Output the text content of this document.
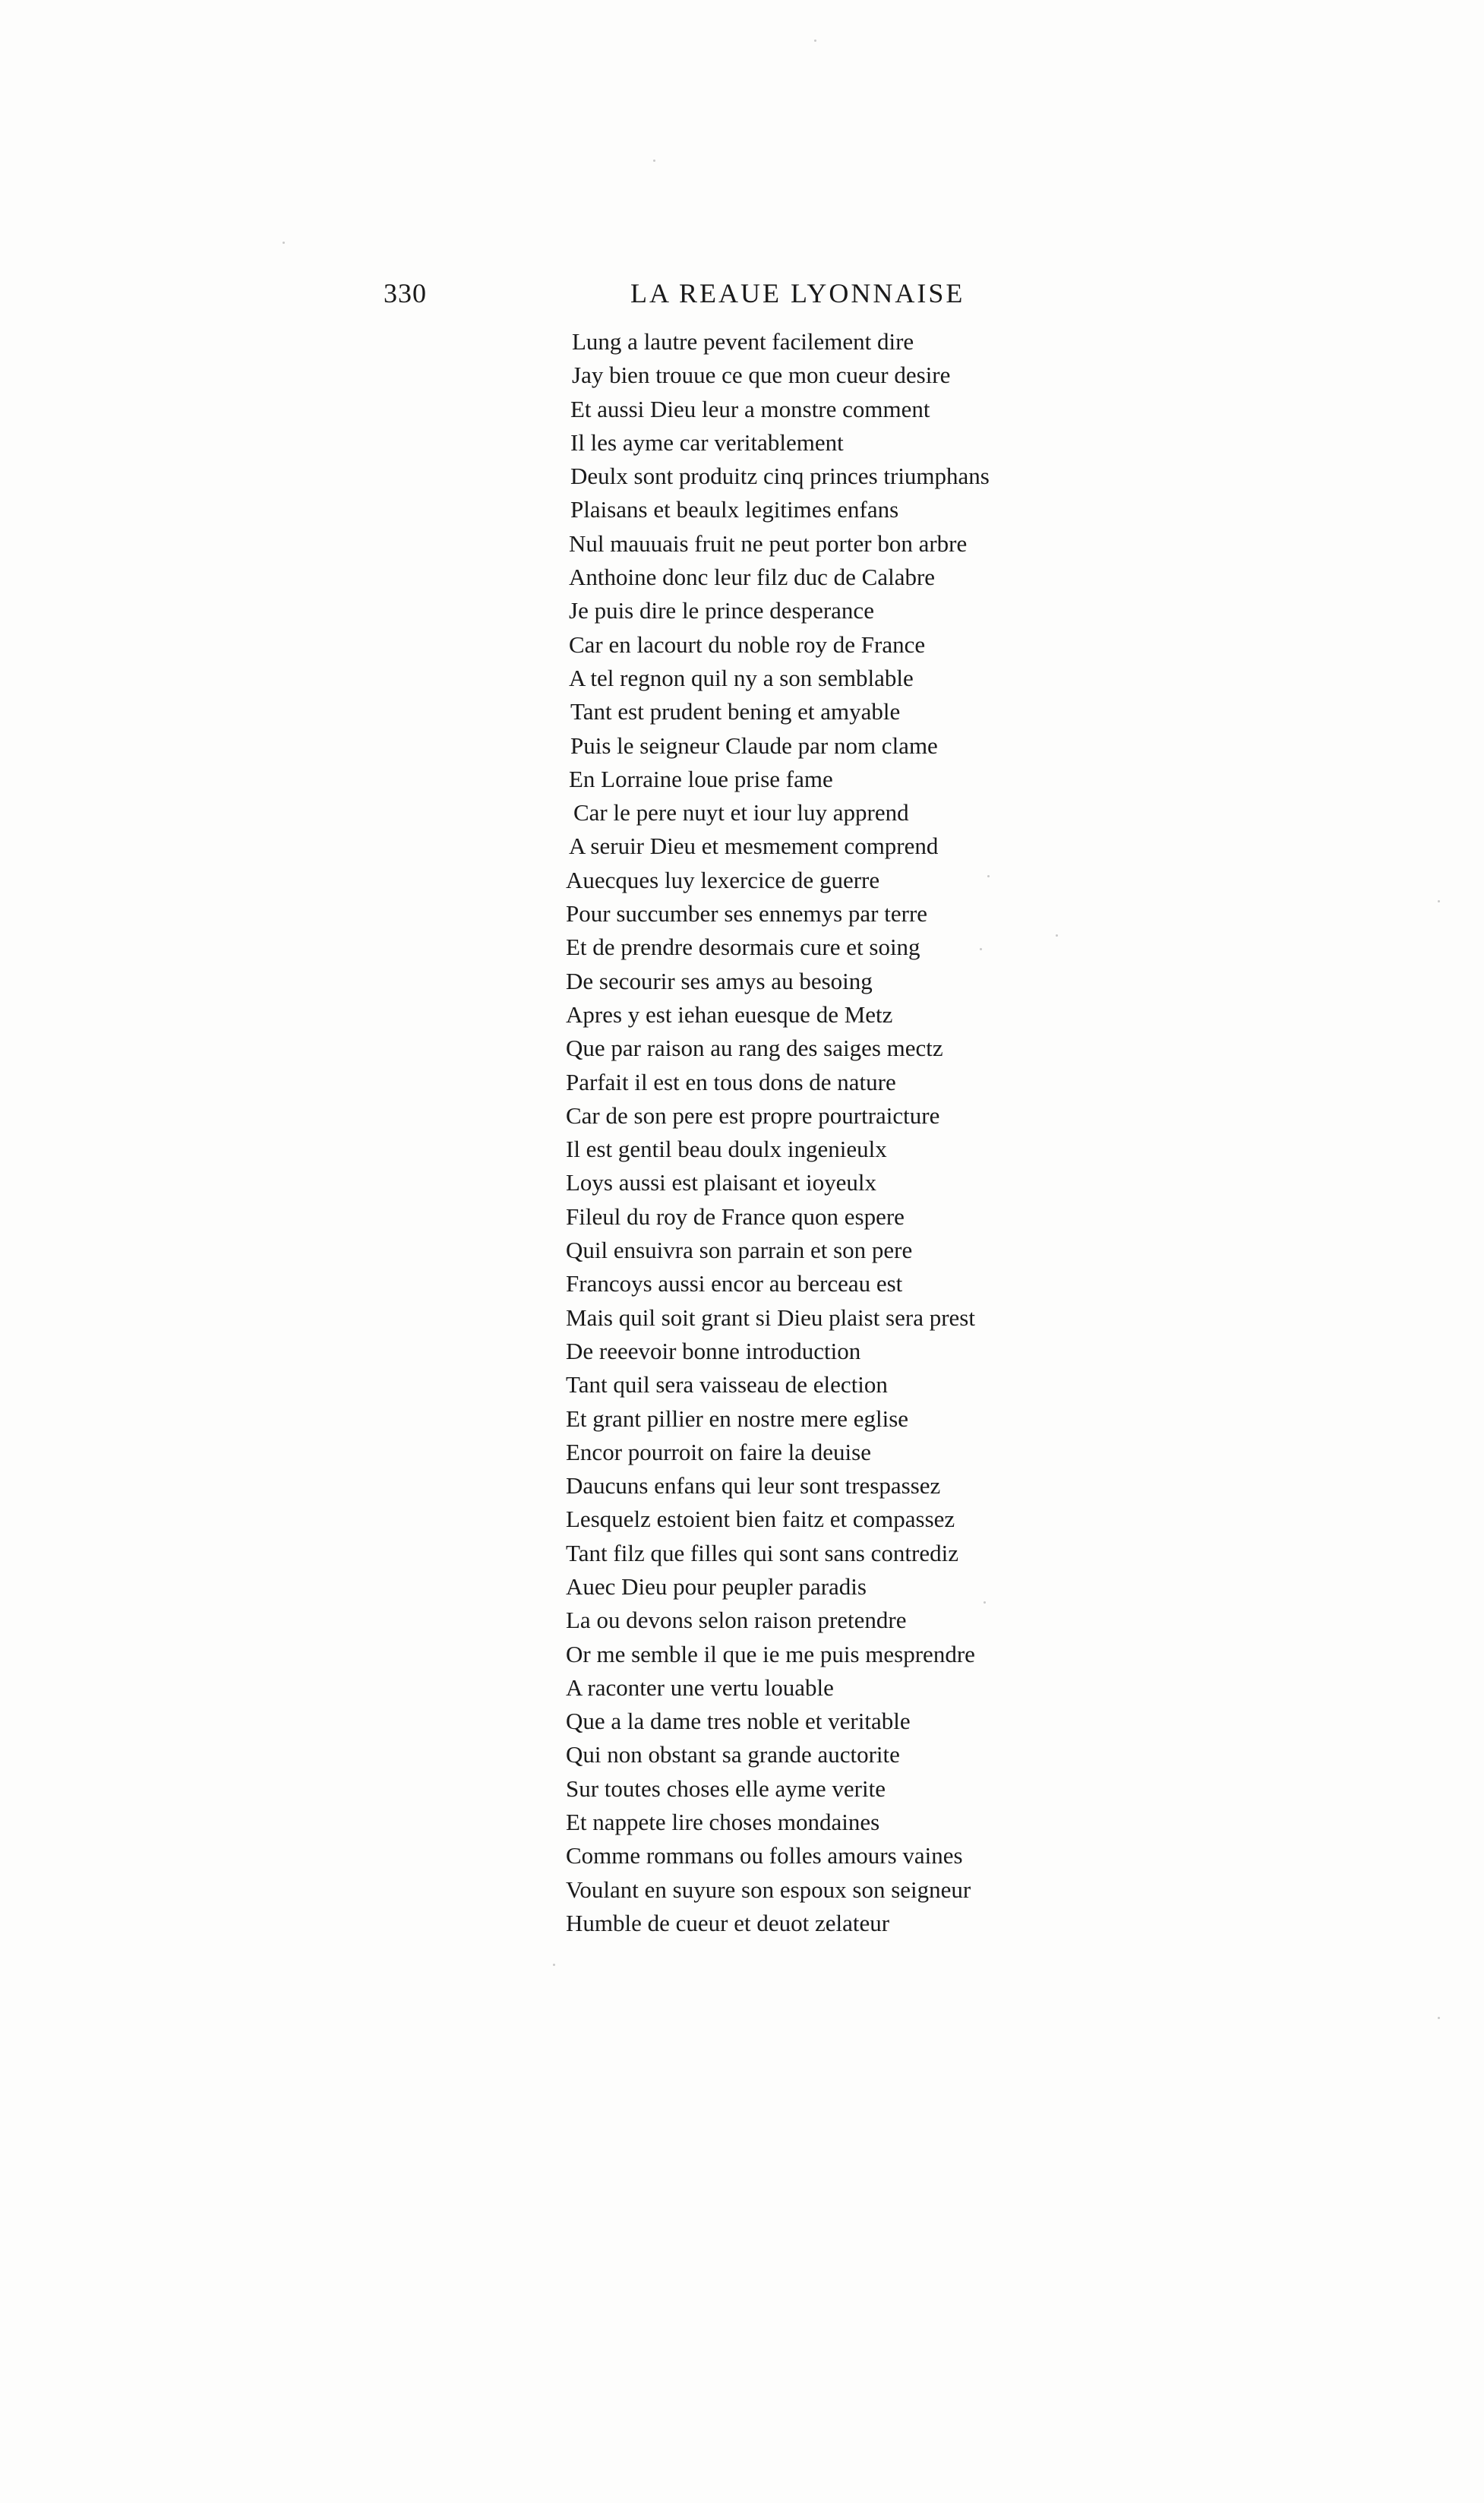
330	LA REAUE LYONNAISE
Lung a lautre pevent facilement dire
Jay bien trouue ce que mon cueur desire
Et aussi Dieu leur a monstre comment
Il les ayme car veritablement
Deulx sont produitz cinq princes triumphans
Plaisans et beaulx legitimes enfans
Nul mauuais fruit ne peut porter bon arbre
Anthoine donc leur filz duc de Calabre
Je puis dire le prince desperance
Car en lacourt du noble roy de France
A tel regnon quil ny a son semblable
Tant est prudent bening et amyable
Puis le seigneur Claude par nom clame
En Lorraine loue prise fame
Car le pere nuyt et iour luy apprend
A seruir Dieu et mesmement comprend
Auecques luy lexercice de guerre
Pour succumber ses ennemys par terre
Et de prendre desormais cure et soing
De secourir ses amys au besoing
Apres y est iehan euesque de Metz
Que par raison au rang des saiges mectz
Parfait il est en tous dons de nature
Car de son pere est propre pourtraicture
Il est gentil beau doulx ingenieulx
Loys aussi est plaisant et ioyeulx
Fileul du roy de France quon espere
Quil ensuivra son parrain et son pere
Francoys aussi encor au berceau est
Mais quil soit grant si Dieu plaist sera prest
De reeevoir bonne introduction
Tant quil sera vaisseau de election
Et grant pillier en nostre mere eglise
Encor pourroit on faire la deuise
Daucuns enfans qui leur sont trespassez
Lesquelz estoient bien faitz et compassez
Tant filz que filles qui sont sans contrediz
Auec Dieu pour peupler paradis
La ou devons selon raison pretendre
Or me semble il que ie me puis mesprendre
A raconter une vertu louable
Que a la dame tres noble et veritable
Qui non obstant sa grande auctorite
Sur toutes choses elle ayme verite
Et nappete lire choses mondaines
Comme rommans ou folles amours vaines
Voulant en suyure son espoux son seigneur
Humble de cueur et deuot zelateur
